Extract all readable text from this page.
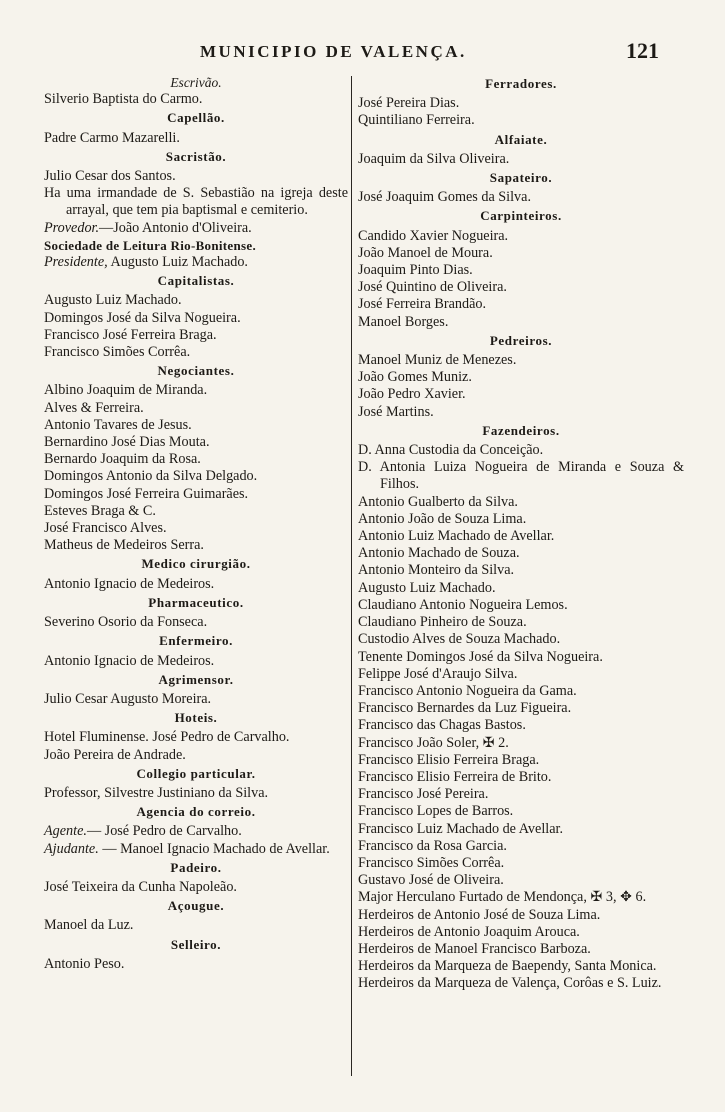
MUNICIPIO DE VALENÇA.	121
Escrivão.
Silverio Baptista do Carmo.
Capellão.
Padre Carmo Mazarelli.
Sacristão.
Julio Cesar dos Santos.
Ha uma irmandade de S. Sebastião na igreja deste arrayal, que tem pia baptismal e cemiterio.
Provedor.—João Antonio d'Oliveira.
Sociedade de Leitura Rio-Bonitense.
Presidente, Augusto Luiz Machado.
Capitalistas.
Augusto Luiz Machado.
Domingos José da Silva Nogueira.
Francisco José Ferreira Braga.
Francisco Simões Corrêa.
Negociantes.
Albino Joaquim de Miranda.
Alves & Ferreira.
Antonio Tavares de Jesus.
Bernardino José Dias Mouta.
Bernardo Joaquim da Rosa.
Domingos Antonio da Silva Delgado.
Domingos José Ferreira Guimarães.
Esteves Braga & C.
José Francisco Alves.
Matheus de Medeiros Serra.
Medico cirurgião.
Antonio Ignacio de Medeiros.
Pharmaceutico.
Severino Osorio da Fonseca.
Enfermeiro.
Antonio Ignacio de Medeiros.
Agrimensor.
Julio Cesar Augusto Moreira.
Hoteis.
Hotel Fluminense. José Pedro de Carvalho.
João Pereira de Andrade.
Collegio particular.
Professor, Silvestre Justiniano da Silva.
Agencia do correio.
Agente.— José Pedro de Carvalho.
Ajudante. — Manoel Ignacio Machado de Avellar.
Padeiro.
José Teixeira da Cunha Napoleão.
Açougue.
Manoel da Luz.
Selleiro.
Antonio Peso.
Ferradores.
José Pereira Dias.
Quintiliano Ferreira.
Alfaiate.
Joaquim da Silva Oliveira.
Sapateiro.
José Joaquim Gomes da Silva.
Carpinteiros.
Candido Xavier Nogueira.
João Manoel de Moura.
Joaquim Pinto Dias.
José Quintino de Oliveira.
José Ferreira Brandão.
Manoel Borges.
Pedreiros.
Manoel Muniz de Menezes.
João Gomes Muniz.
João Pedro Xavier.
José Martins.
Fazendeiros.
D. Anna Custodia da Conceição.
D. Antonia Luiza Nogueira de Miranda e Souza & Filhos.
Antonio Gualberto da Silva.
Antonio João de Souza Lima.
Antonio Luiz Machado de Avellar.
Antonio Machado de Souza.
Antonio Monteiro da Silva.
Augusto Luiz Machado.
Claudiano Antonio Nogueira Lemos.
Claudiano Pinheiro de Souza.
Custodio Alves de Souza Machado.
Tenente Domingos José da Silva Nogueira.
Felippe José d'Araujo Silva.
Francisco Antonio Nogueira da Gama.
Francisco Bernardes da Luz Figueira.
Francisco das Chagas Bastos.
Francisco João Soler, ✠ 2.
Francisco Elisio Ferreira Braga.
Francisco Elisio Ferreira de Brito.
Francisco José Pereira.
Francisco Lopes de Barros.
Francisco Luiz Machado de Avellar.
Francisco da Rosa Garcia.
Francisco Simões Corrêa.
Gustavo José de Oliveira.
Major Herculano Furtado de Mendonça, ✠ 3, ✥ 6.
Herdeiros de Antonio José de Souza Lima.
Herdeiros de Antonio Joaquim Arouca.
Herdeiros de Manoel Francisco Barboza.
Herdeiros da Marqueza de Baependy, Santa Monica.
Herdeiros da Marqueza de Valença, Corôas e S. Luiz.
